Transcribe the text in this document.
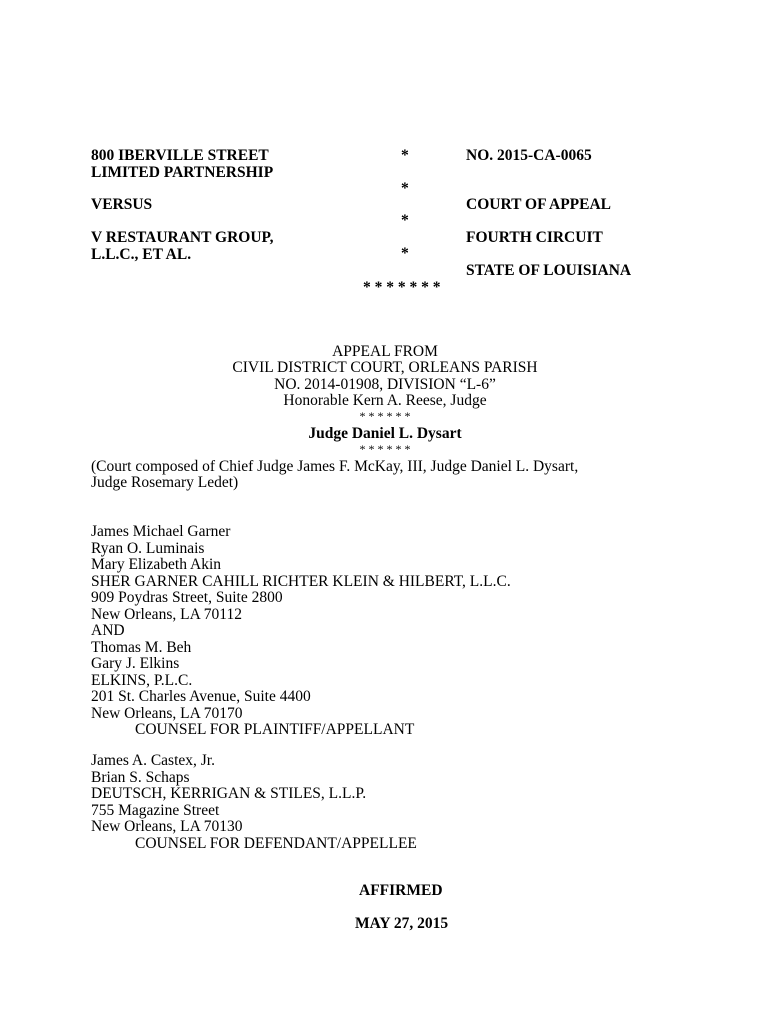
800 IBERVILLE STREET
LIMITED PARTNERSHIP
VERSUS
V RESTAURANT GROUP,
L.L.C., ET AL.
*
*
*
*
NO. 2015-CA-0065
COURT OF APPEAL
FOURTH CIRCUIT
STATE OF LOUISIANA
* * * * * * *
APPEAL FROM
CIVIL DISTRICT COURT, ORLEANS PARISH
NO. 2014-01908, DIVISION “L-6”
Honorable Kern A. Reese, Judge
* * * * * *
Judge Daniel L. Dysart
* * * * * *
(Court composed of Chief Judge James F. McKay, III, Judge Daniel L. Dysart,
Judge Rosemary Ledet)
James Michael Garner
Ryan O. Luminais
Mary Elizabeth Akin
SHER GARNER CAHILL RICHTER KLEIN & HILBERT, L.L.C.
909 Poydras Street, Suite 2800
New Orleans, LA 70112
AND
Thomas M. Beh
Gary J. Elkins
ELKINS, P.L.C.
201 St. Charles Avenue, Suite 4400
New Orleans, LA 70170
COUNSEL FOR PLAINTIFF/APPELLANT
James A. Castex, Jr.
Brian S. Schaps
DEUTSCH, KERRIGAN & STILES, L.L.P.
755 Magazine Street
New Orleans, LA 70130
COUNSEL FOR DEFENDANT/APPELLEE
AFFIRMED
MAY 27, 2015
